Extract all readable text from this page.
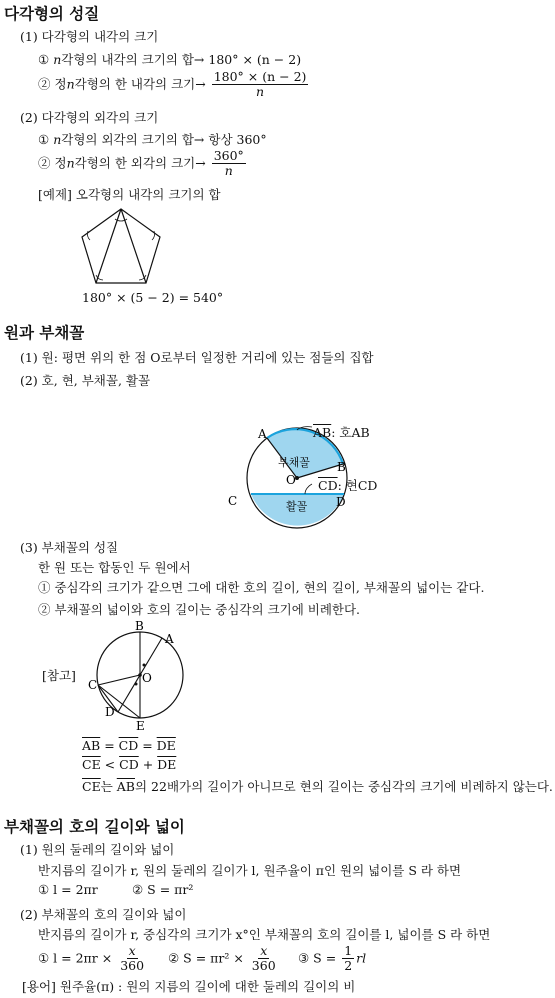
다각형의 성질
(1) 다각형의 내각의 크기
① n각형의 내각의 크기의 합→ 180° × (n − 2)
② 정n각형의 한 내각의 크기→ $\frac{180^\circ \times (n - 2)}{n}$
(2) 다각형의 외각의 크기
① n각형의 외각의 크기의 합→ 항상 360°
② 정n각형의 한 외각의 크기→ $\frac{360^\circ}{n}$
[예제] 오각형의 내각의 크기의 합
180° × (5 − 2) = 540°
원과 부채꼴
(1) 원: 평면 위의 한 점 O로부터 일정한 거리에 있는 점들의 집합
(2) 호, 현, 부채꼴, 활꼴
A
B
C	D
O
부채꼴
활꼴
$\overline{AB}$: 호AB
$\overline{CD}$: 현CD
(3) 부채꼴의 성질
한 원 또는 합동인 두 원에서
① 중심각의 크기가 같으면 그에 대한 호의 길이, 현의 길이, 부채꼴의 넓이는 같다.
② 부채꼴의 넓이와 호의 길이는 중심각의 크기에 비례한다.
[참고]
B
A
C
D
E
O
$\overline{AB} = \overline{CD} = \overline{DE}$
$\overline{CE} < \overline{CD} + \overline{DE}$
$\overline{CE}$는 $\overline{AB}$의 22배가의 길이가 아니므로 현의 길이는 중심각의 크기에 비례하지 않는다.
부채꼴의 호의 길이와 넓이
(1) 원의 둘레의 길이와 넓이
반지름의 길이가 r, 원의 둘레의 길이가 l, 원주율이 π인 원의 넓이를 S 라 하면
① l = 2πr	② S = πr²
(2) 부채꼴의 호의 길이와 넓이
반지름의 길이가 r, 중심각의 크기가 x°인 부채꼴의 호의 길이를 l, 넓이를 S 라 하면
① $l = 2\pi r \times \frac{x}{360}$ ② $S = \pi r^2 \times \frac{x}{360}$ ③ $S = \frac{1}{2}$ rl
[용어] 원주율(π) : 원의 지름의 길이에 대한 둘레의 길이의 비
